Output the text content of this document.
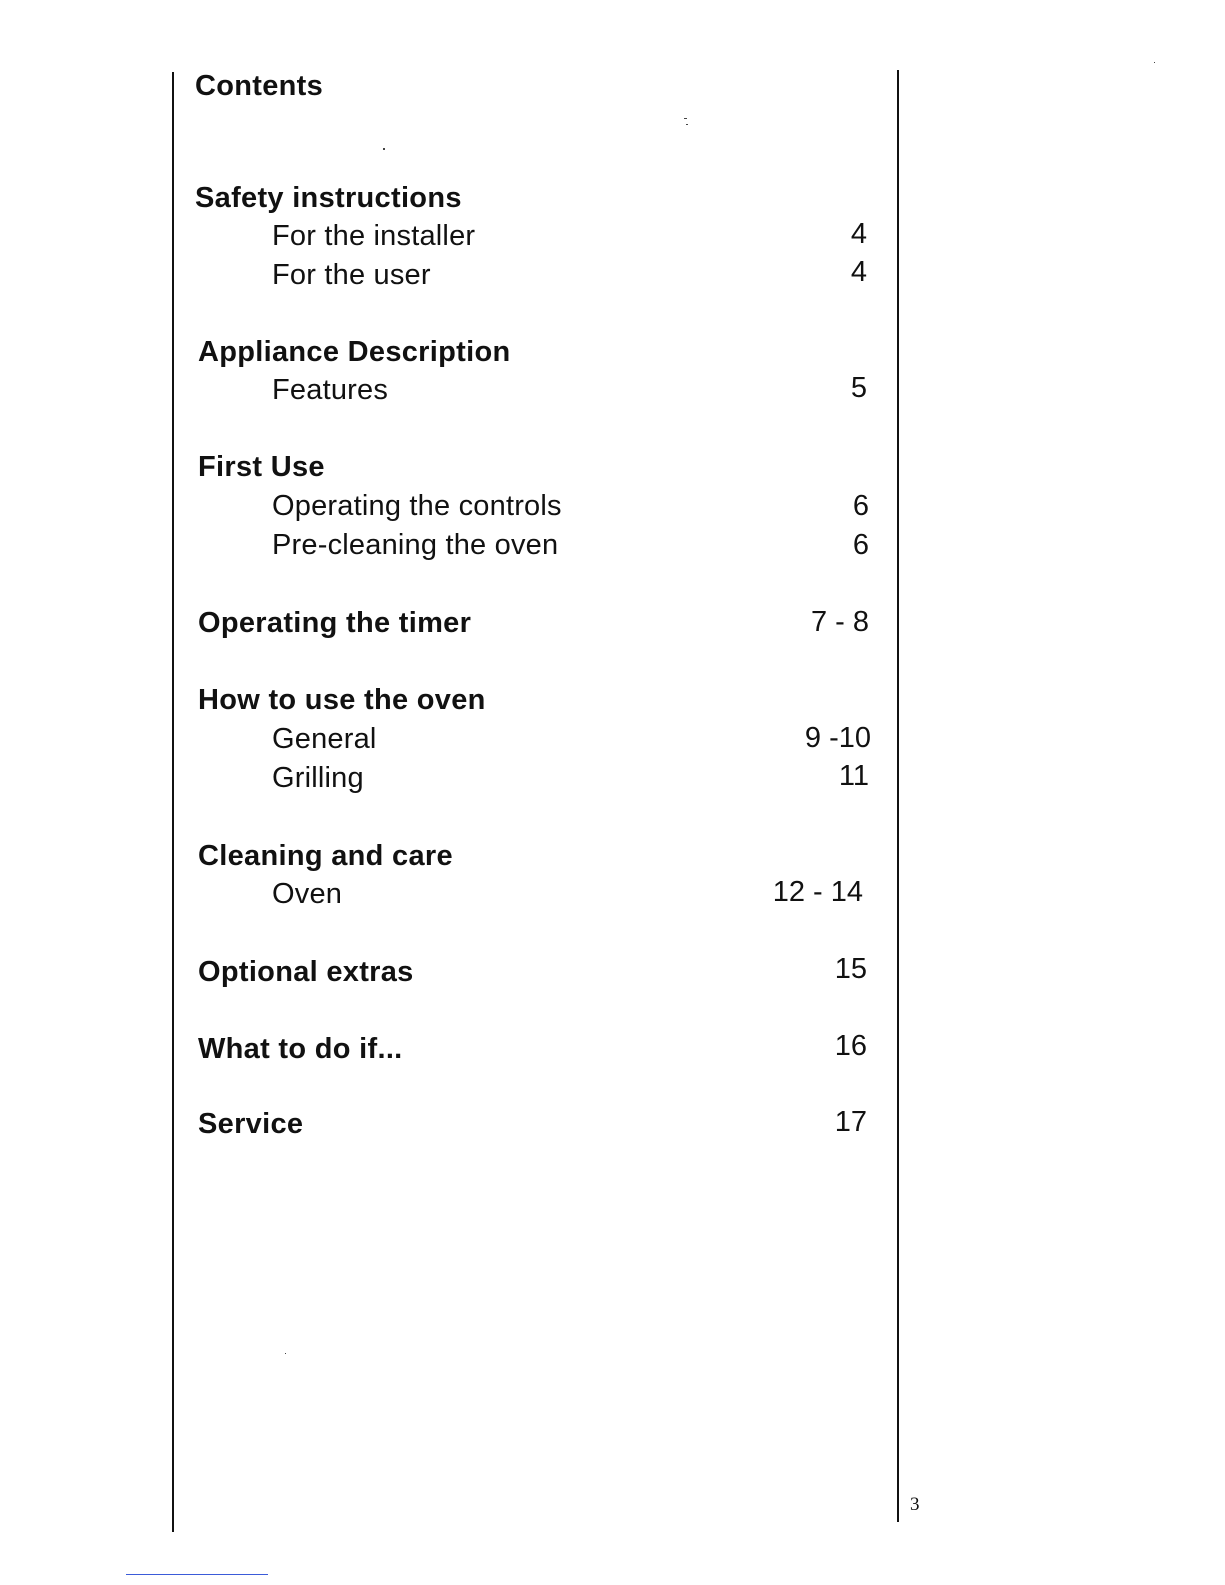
Contents
Safety instructions
For the installer	4
For the user	4
Appliance Description
Features	5
First Use
Operating the controls	6
Pre-cleaning the oven	6
Operating the timer	7 - 8
How to use the oven
General	9 -10
Grilling	11
Cleaning and care
Oven	12 - 14
Optional extras	15
What to do if...	16
Service	17
3
